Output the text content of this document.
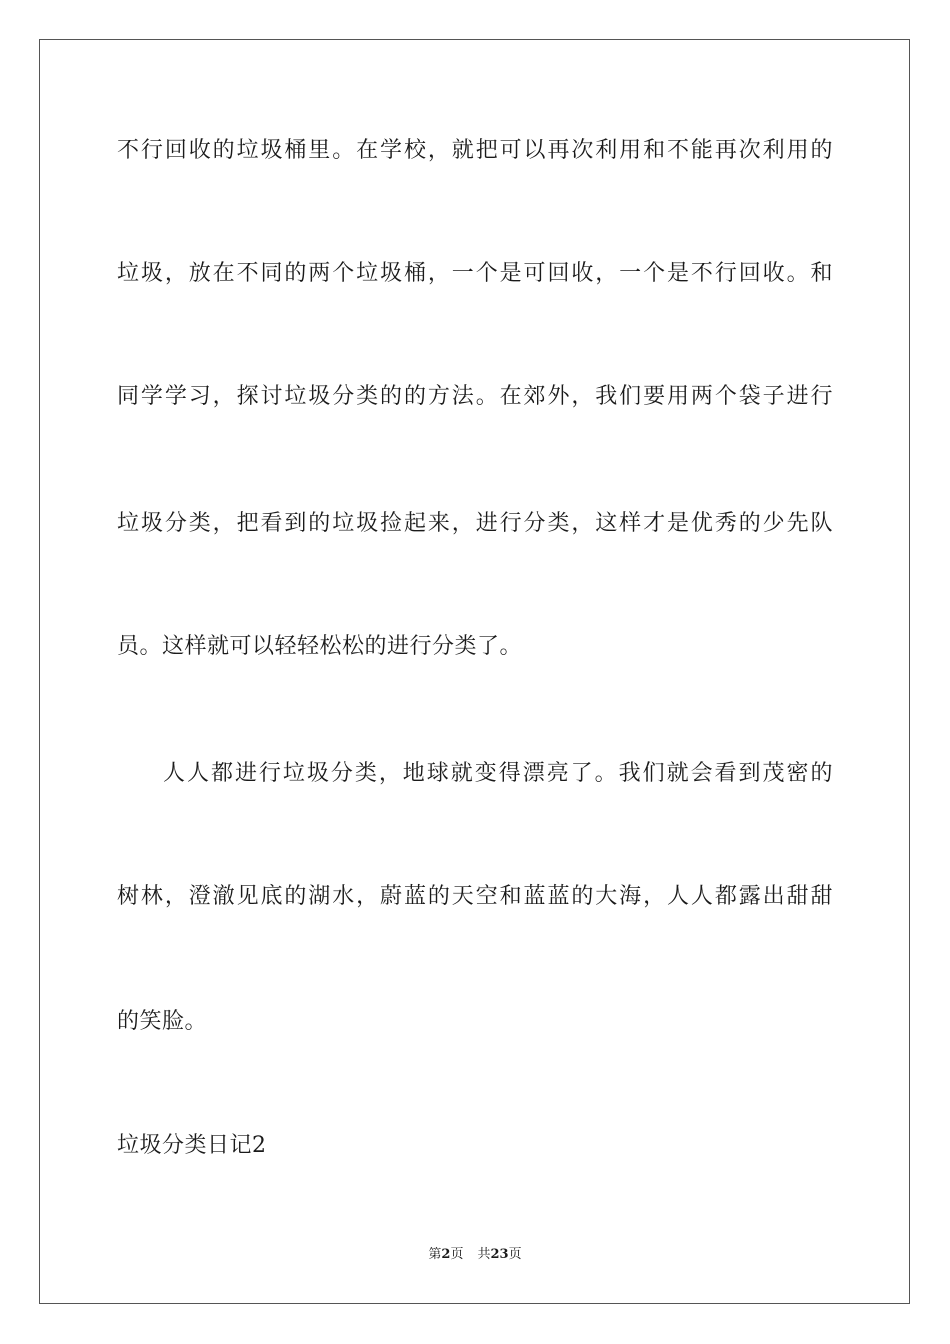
不行回收的垃圾桶里。在学校，就把可以再次利用和不能再次利用的
垃圾，放在不同的两个垃圾桶，一个是可回收，一个是不行回收。和
同学学习，探讨垃圾分类的的方法。在郊外，我们要用两个袋子进行
垃圾分类，把看到的垃圾捡起来，进行分类，这样才是优秀的少先队
员。这样就可以轻轻松松的进行分类了。
人人都进行垃圾分类，地球就变得漂亮了。我们就会看到茂密的
树林，澄澈见底的湖水，蔚蓝的天空和蓝蓝的大海，人人都露出甜甜
的笑脸。
垃圾分类日记2
第2页 共23页
